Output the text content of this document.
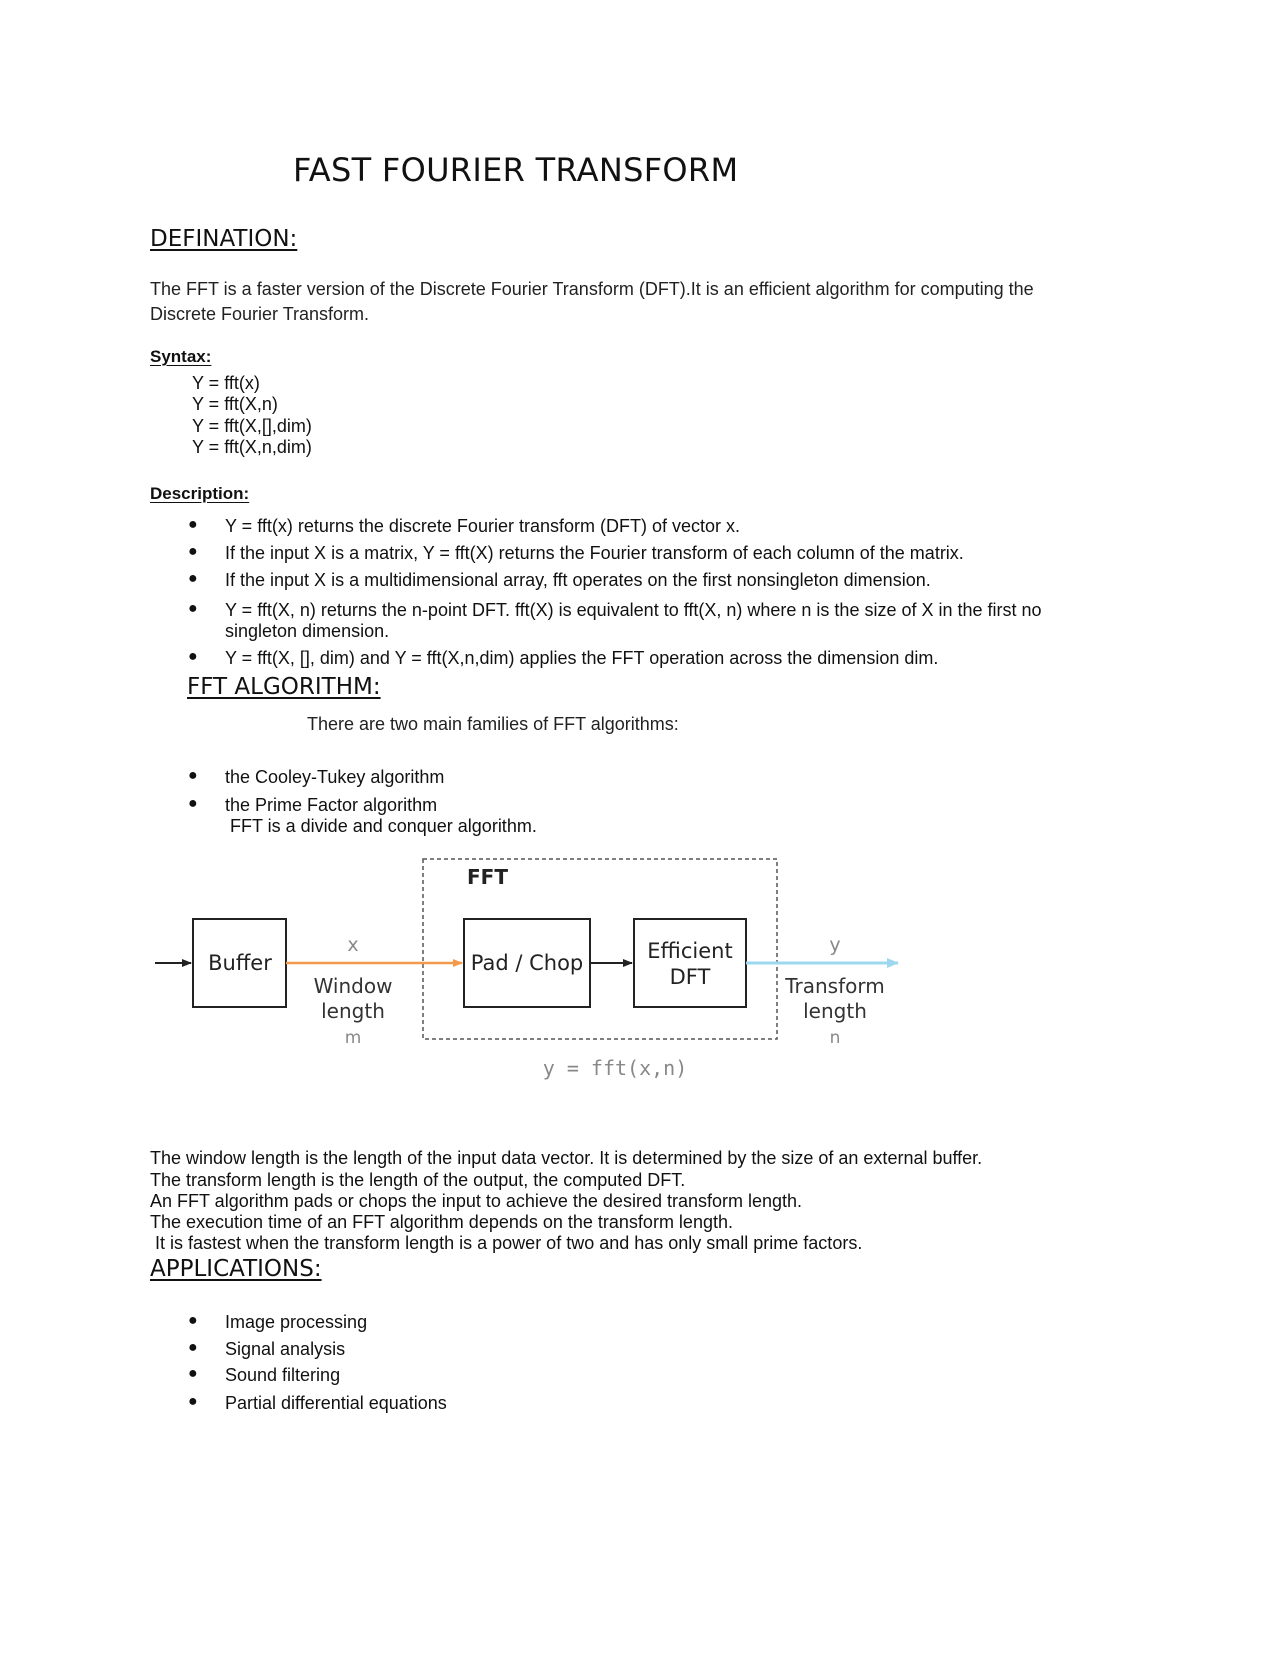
FAST FOURIER TRANSFORM
DEFINATION:
The FFT is a faster version of the Discrete Fourier Transform (DFT).It is an efficient algorithm for computing the
Discrete Fourier Transform.
Syntax:
Y = fft(x)
Y = fft(X,n)
Y = fft(X,[],dim)
Y = fft(X,n,dim)
Description:
● Y = fft(x) returns the discrete Fourier transform (DFT) of vector x.
● If the input X is a matrix, Y = fft(X) returns the Fourier transform of each column of the matrix.
● If the input X is a multidimensional array, fft operates on the first nonsingleton dimension.
● Y = fft(X, n) returns the n-point DFT. fft(X) is equivalent to fft(X, n) where n is the size of X in the first no
singleton dimension.
● Y = fft(X, [], dim) and Y = fft(X,n,dim) applies the FFT operation across the dimension dim.
FFT ALGORITHM:
There are two main families of FFT algorithms:
● the Cooley-Tukey algorithm
● the Prime Factor algorithm
FFT is a divide and conquer algorithm.
FFT
Buffer
x
Window
length
m
Pad / Chop	Efficient
DFT
y
Transform
length
n
y = fft(x,n)
The window length is the length of the input data vector. It is determined by the size of an external buffer.
The transform length is the length of the output, the computed DFT.
An FFT algorithm pads or chops the input to achieve the desired transform length.
The execution time of an FFT algorithm depends on the transform length.
It is fastest when the transform length is a power of two and has only small prime factors.
APPLICATIONS:
● Image processing
● Signal analysis
● Sound filtering
● Partial differential equations
